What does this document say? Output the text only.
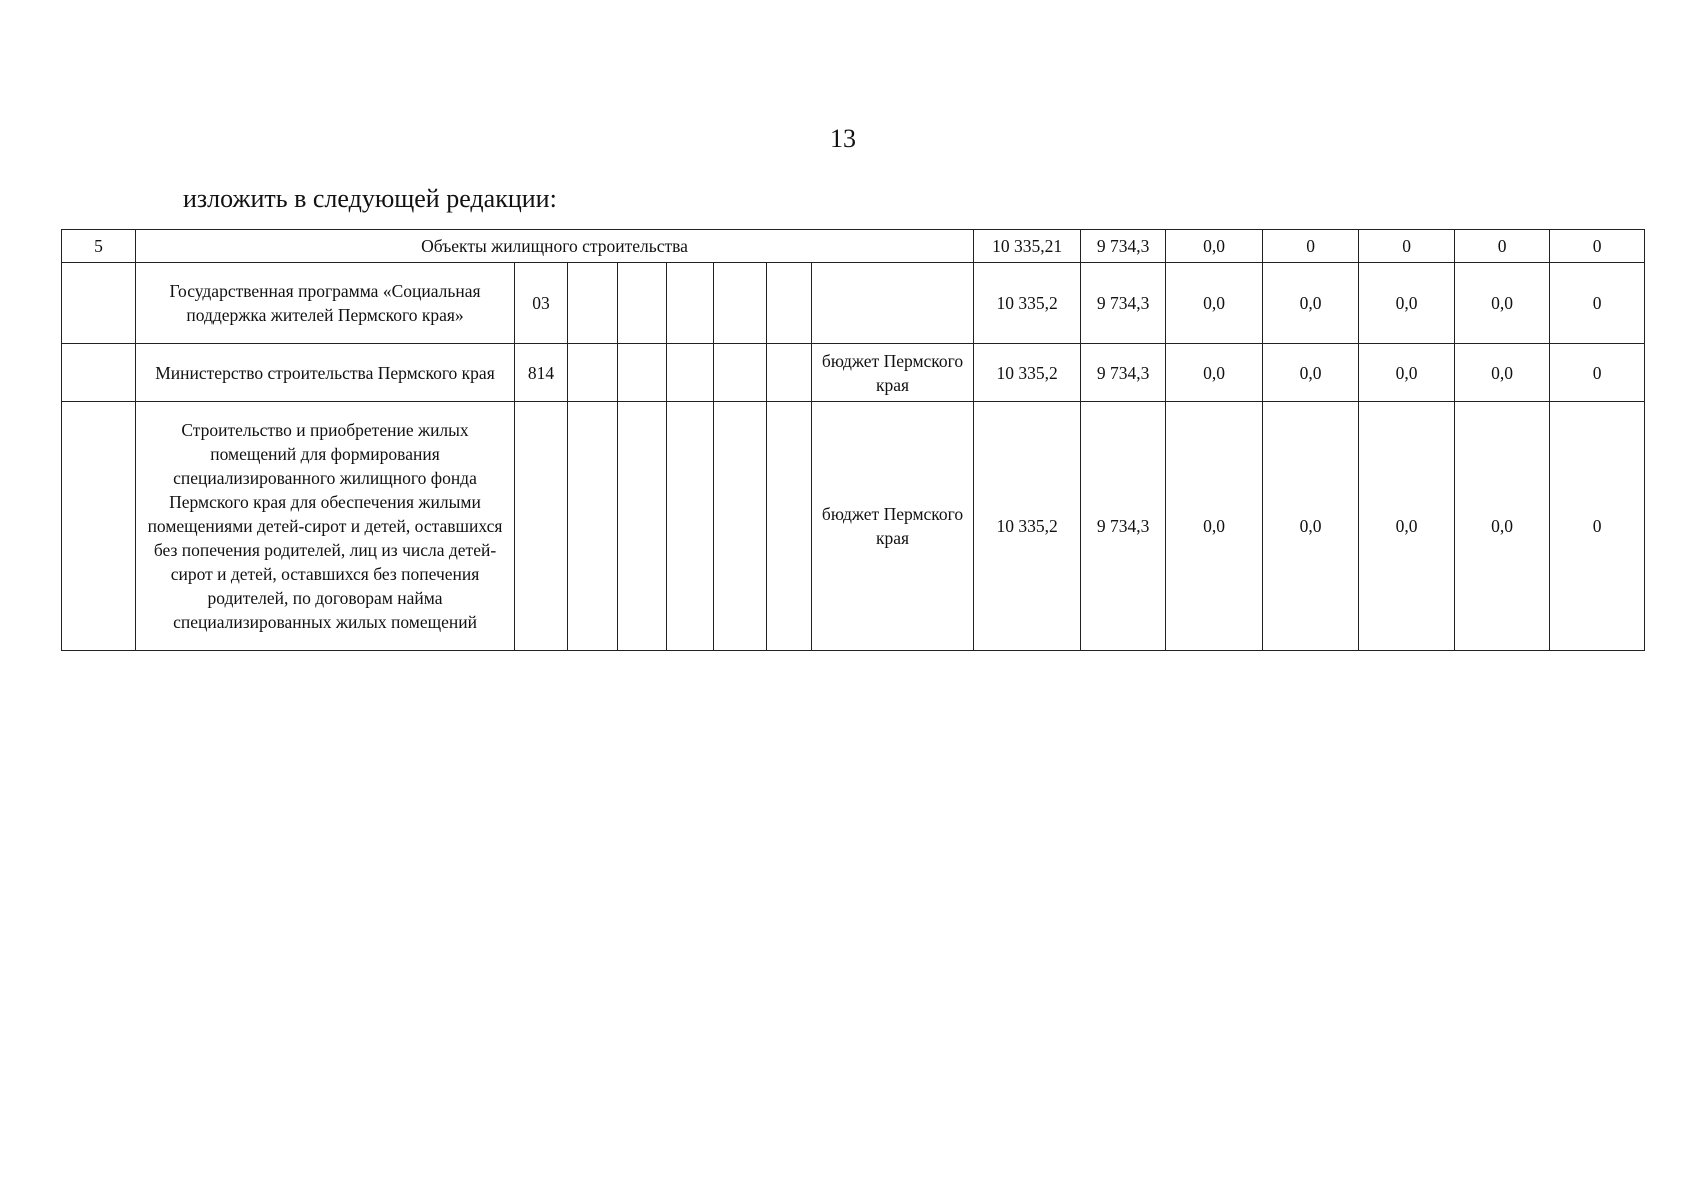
13
изложить в следующей редакции:
5	Объекты жилищного строительства								10 335,21	9 734,3	0,0	0	0	0	0
	Государственная программа «Социальная поддержка жителей Пермского края»	03							10 335,2	9 734,3	0,0	0,0	0,0	0,0	0
	Министерство строительства Пермского края	814						бюджет Пермского края	10 335,2	9 734,3	0,0	0,0	0,0	0,0	0
	Строительство и приобретение жилых помещений для формирования специализированного жилищного фонда Пермского края для обеспечения жилыми помещениями детей-сирот и детей, оставшихся без попечения родителей, лиц из числа детей-сирот и детей, оставшихся без попечения родителей, по договорам найма специализированных жилых помещений							бюджет Пермского края	10 335,2	9 734,3	0,0	0,0	0,0	0,0	0
